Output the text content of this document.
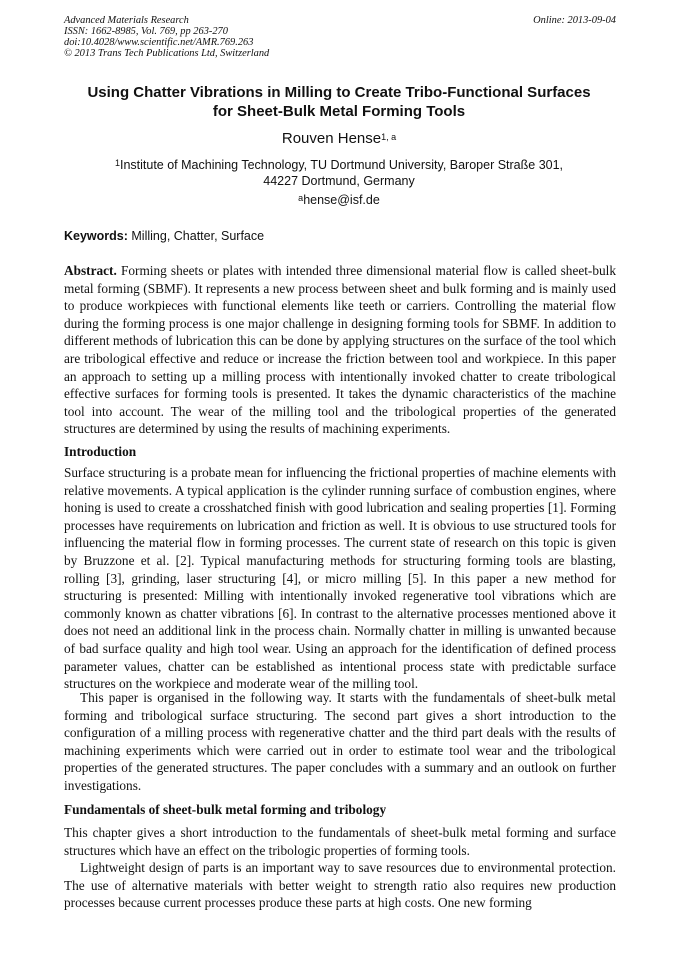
Advanced Materials Research
ISSN: 1662-8985, Vol. 769, pp 263-270
doi:10.4028/www.scientific.net/AMR.769.263
© 2013 Trans Tech Publications Ltd, Switzerland
Online: 2013-09-04
Using Chatter Vibrations in Milling to Create Tribo-Functional Surfaces
for Sheet-Bulk Metal Forming Tools
Rouven Hense$^{1, a}$
$^1$Institute of Machining Technology, TU Dortmund University, Baroper Straße 301,
44227 Dortmund, Germany
$^a$hense@isf.de
Keywords: Milling, Chatter, Surface

Abstract. Forming sheets or plates with intended three dimensional material flow is called sheet-bulk metal forming (SBMF). It represents a new process between sheet and bulk forming and is mainly used to produce workpieces with functional elements like teeth or carriers. Controlling the material flow during the forming process is one major challenge in designing forming tools for SBMF. In addition to different methods of lubrication this can be done by applying structures on the surface of the tool which are tribological effective and reduce or increase the friction between tool and workpiece. In this paper an approach to setting up a milling process with intentionally invoked chatter to create tribological effective surfaces for forming tools is presented. It takes the dynamic characteristics of the machine tool into account. The wear of the milling tool and the tribological properties of the generated structures are determined by using the results of machining experiments.

Introduction

Surface structuring is a probate mean for influencing the frictional properties of machine elements with relative movements. A typical application is the cylinder running surface of combustion engines, where honing is used to create a crosshatched finish with good lubrication and sealing properties [1]. Forming processes have requirements on lubrication and friction as well. It is obvious to use structured tools for influencing the material flow in forming processes. The current state of research on this topic is given by Bruzzone et al. [2]. Typical manufacturing methods for structuring forming tools are blasting, rolling [3], grinding, laser structuring [4], or micro milling [5]. In this paper a new method for structuring is presented: Milling with intentionally invoked regenerative tool vibrations which are commonly known as chatter vibrations [6]. In contrast to the alternative processes mentioned above it does not need an additional link in the process chain. Normally chatter in milling is unwanted because of bad surface quality and high tool wear. Using an approach for the identification of defined process parameter values, chatter can be established as intentional process state with predictable surface structures on the workpiece and moderate wear of the milling tool.

This paper is organised in the following way. It starts with the fundamentals of sheet-bulk metal forming and tribological surface structuring. The second part gives a short introduction to the configuration of a milling process with regenerative chatter and the third part deals with the results of machining experiments which were carried out in order to estimate tool wear and the tribological properties of the generated structures. The paper concludes with a summary and an outlook on further investigations.

Fundamentals of sheet-bulk metal forming and tribology

This chapter gives a short introduction to the fundamentals of sheet-bulk metal forming and surface structures which have an effect on the tribologic properties of forming tools.

Lightweight design of parts is an important way to save resources due to environmental protection. The use of alternative materials with better weight to strength ratio also requires new production processes because current processes produce these parts at high costs. One new forming
